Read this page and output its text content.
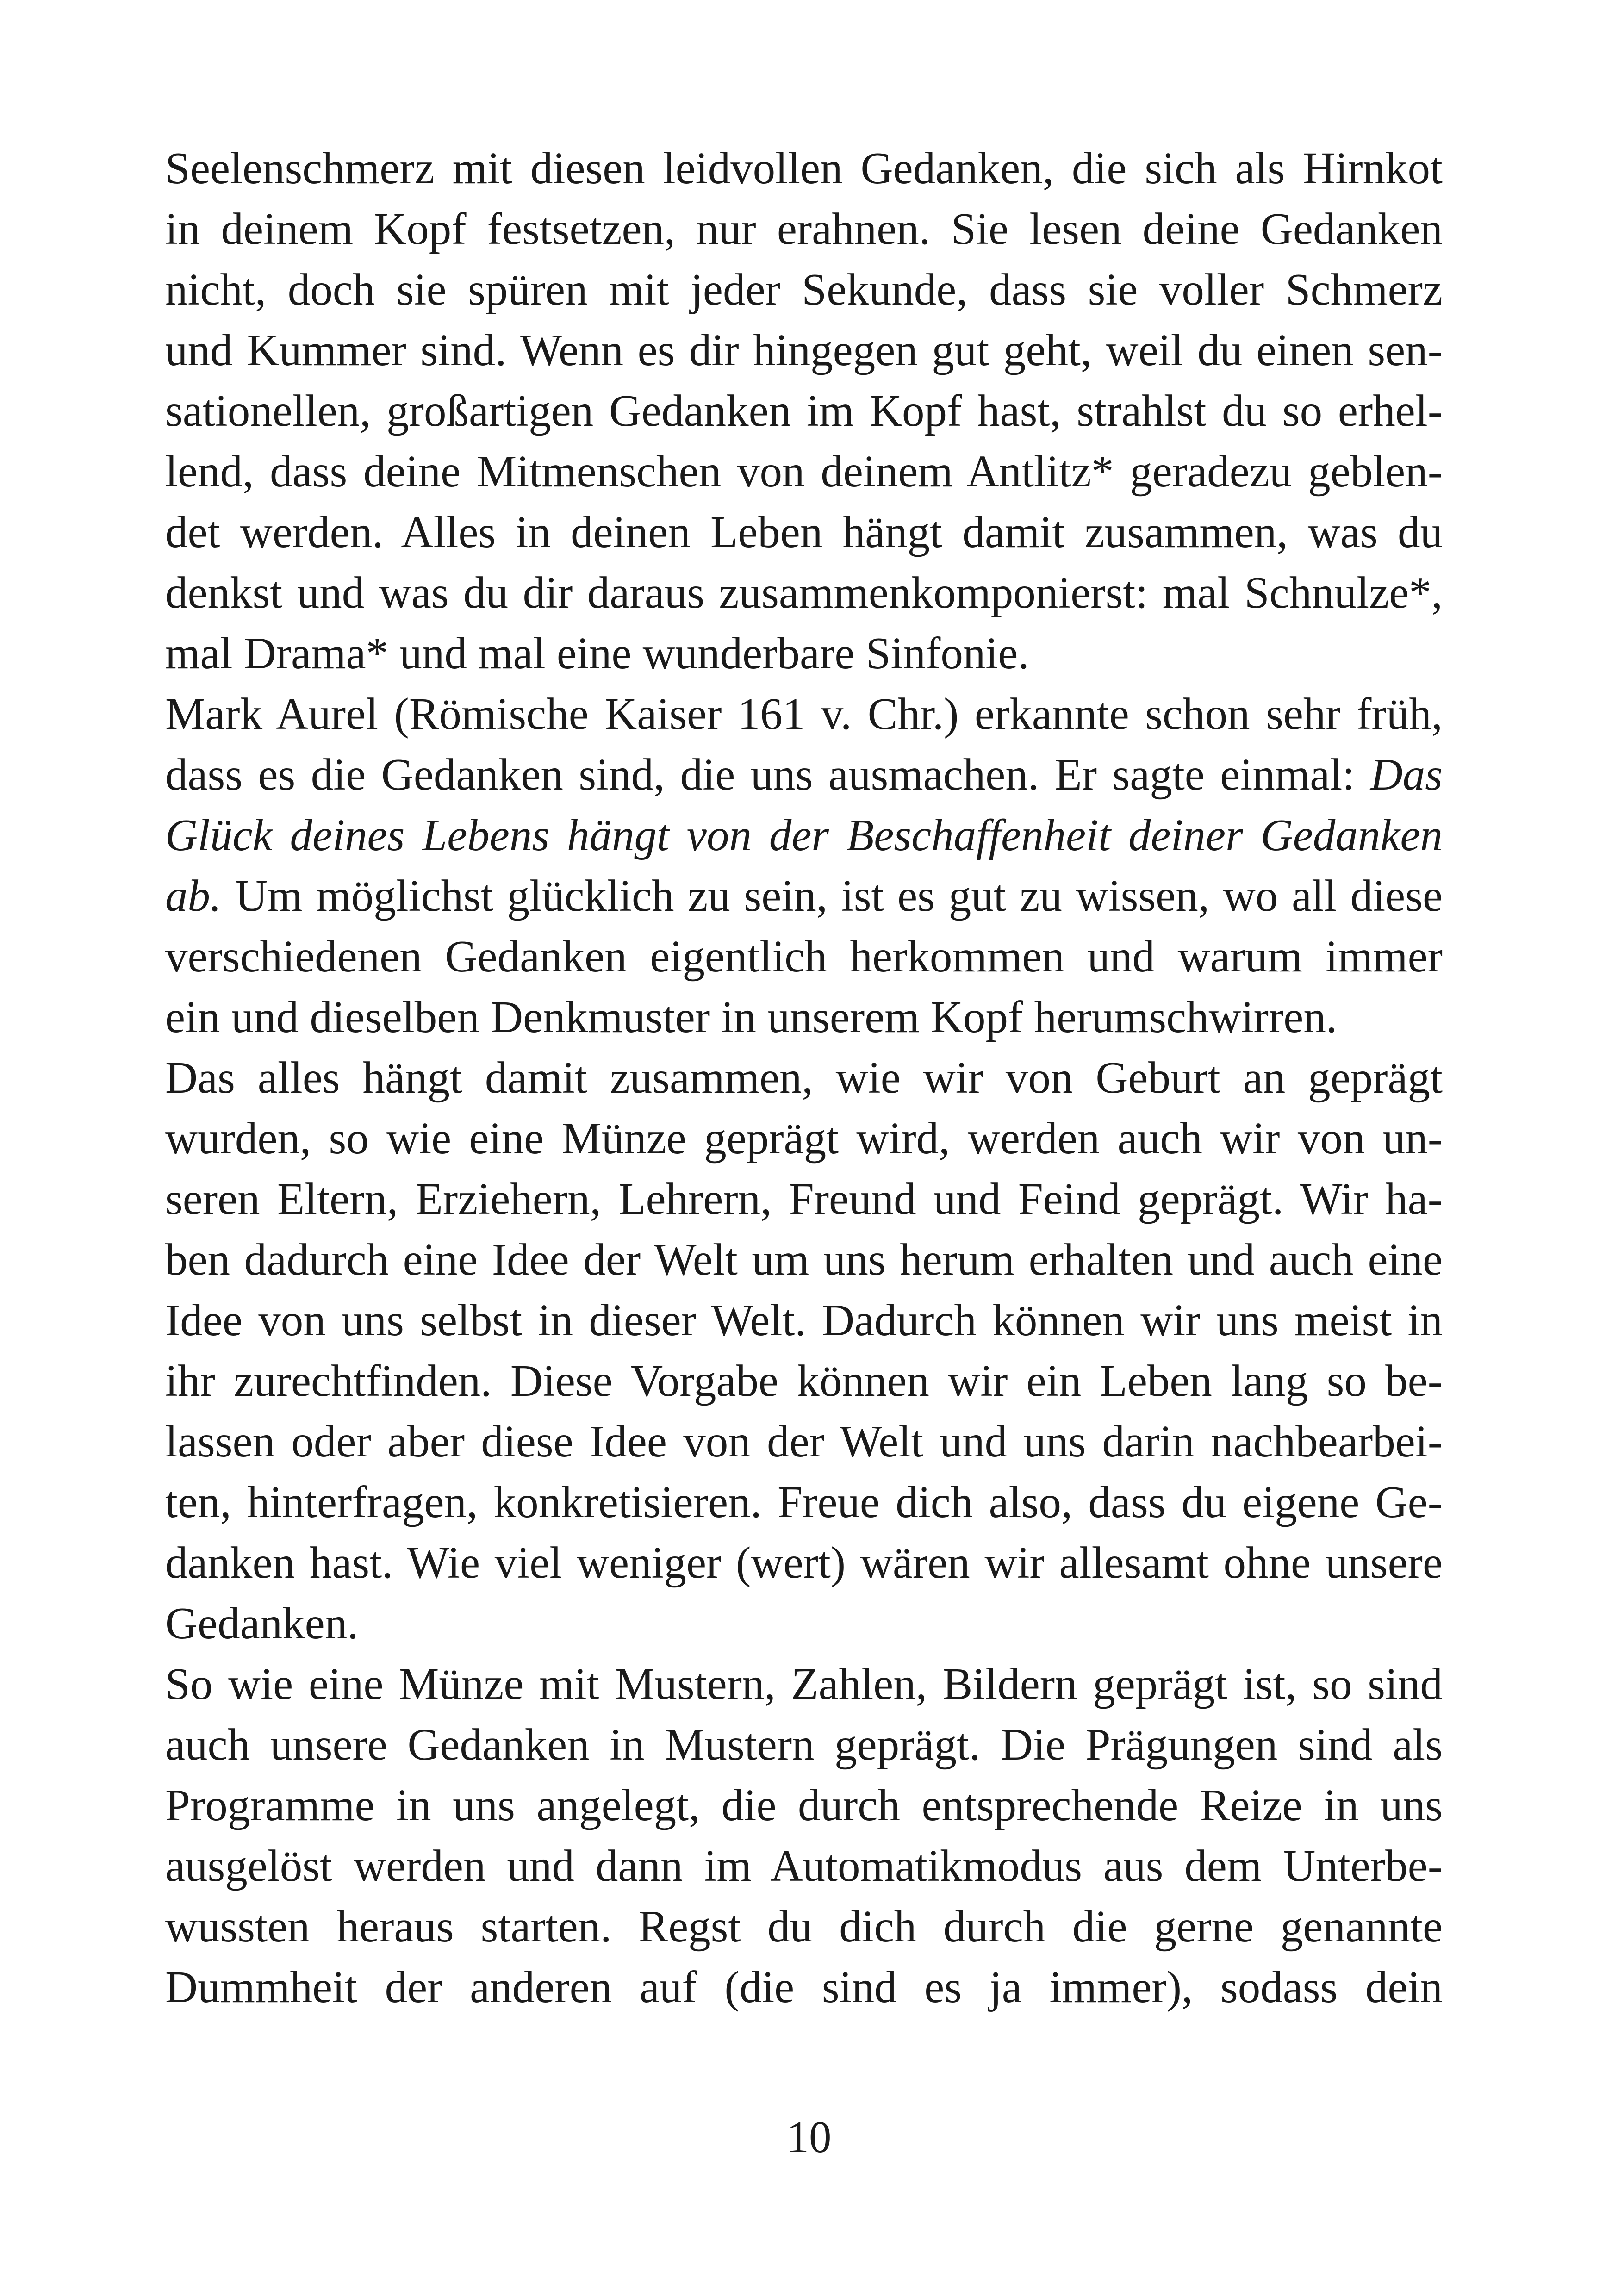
Seelenschmerz mit diesen leidvollen Gedanken, die sich als Hirnkot
in deinem Kopf festsetzen, nur erahnen. Sie lesen deine Gedanken
nicht, doch sie spüren mit jeder Sekunde, dass sie voller Schmerz
und Kummer sind. Wenn es dir hingegen gut geht, weil du einen sen-
sationellen, großartigen Gedanken im Kopf hast, strahlst du so erhel-
lend, dass deine Mitmenschen von deinem Antlitz* geradezu geblen-
det werden. Alles in deinen Leben hängt damit zusammen, was du
denkst und was du dir daraus zusammenkomponierst: mal Schnulze*,
mal Drama* und mal eine wunderbare Sinfonie.
Mark Aurel (Römische Kaiser 161 v. Chr.) erkannte schon sehr früh,
dass es die Gedanken sind, die uns ausmachen. Er sagte einmal: Das
Glück deines Lebens hängt von der Beschaffenheit deiner Gedanken
ab. Um möglichst glücklich zu sein, ist es gut zu wissen, wo all diese
verschiedenen Gedanken eigentlich herkommen und warum immer
ein und dieselben Denkmuster in unserem Kopf herumschwirren.
Das alles hängt damit zusammen, wie wir von Geburt an geprägt
wurden, so wie eine Münze geprägt wird, werden auch wir von un-
seren Eltern, Erziehern, Lehrern, Freund und Feind geprägt. Wir ha-
ben dadurch eine Idee der Welt um uns herum erhalten und auch eine
Idee von uns selbst in dieser Welt. Dadurch können wir uns meist in
ihr zurechtfinden. Diese Vorgabe können wir ein Leben lang so be-
lassen oder aber diese Idee von der Welt und uns darin nachbearbei-
ten, hinterfragen, konkretisieren. Freue dich also, dass du eigene Ge-
danken hast. Wie viel weniger (wert) wären wir allesamt ohne unsere
Gedanken.
So wie eine Münze mit Mustern, Zahlen, Bildern geprägt ist, so sind
auch unsere Gedanken in Mustern geprägt. Die Prägungen sind als
Programme in uns angelegt, die durch entsprechende Reize in uns
ausgelöst werden und dann im Automatikmodus aus dem Unterbe-
wussten heraus starten. Regst du dich durch die gerne genannte
Dummheit der anderen auf (die sind es ja immer), sodass dein
10
